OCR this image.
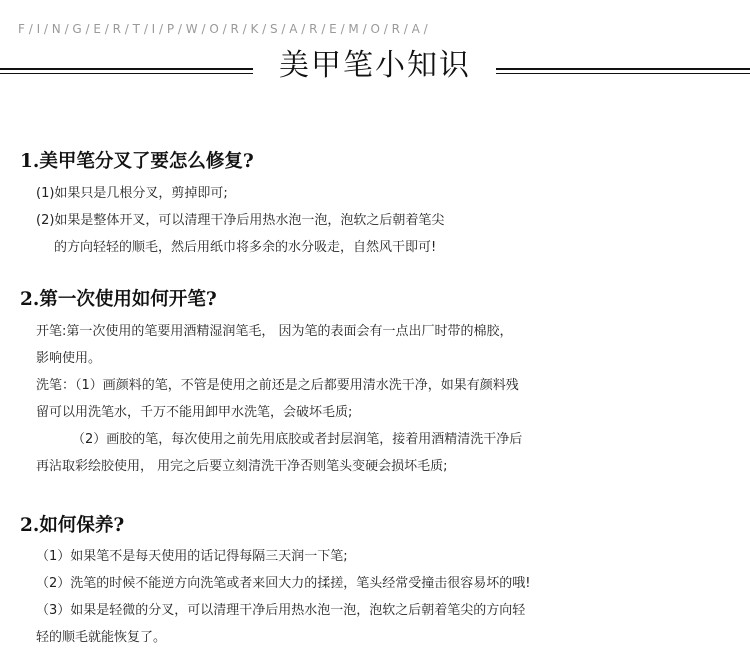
F / I / N / G / E / R / T / I / P / W / O / R / K / S / A / R / E / M / O / R / A /
美甲笔小知识
1.美甲笔分叉了要怎么修复?
(1)如果只是几根分叉，剪掉即可;
(2)如果是整体开叉，可以清理干净后用热水泡一泡，泡软之后朝着笔尖
的方向轻轻的顺毛，然后用纸巾将多余的水分吸走，自然风干即可!
2.第一次使用如何开笔?
开笔:第一次使用的笔要用酒精湿润笔毛， 因为笔的表面会有一点出厂时带的棉胶，
影响使用。
洗笔：（1）画颜料的笔，不管是使用之前还是之后都要用清水洗干净，如果有颜料残
留可以用洗笔水，千万不能用卸甲水洗笔，会破坏毛质;
（2）画胶的笔，每次使用之前先用底胶或者封层润笔，接着用酒精清洗干净后
再沾取彩绘胶使用， 用完之后要立刻清洗干净否则笔头变硬会损坏毛质;
2.如何保养?
（1）如果笔不是每天使用的话记得每隔三天润一下笔;
（2）洗笔的时候不能逆方向洗笔或者来回大力的揉搓，笔头经常受撞击很容易坏的哦!
（3）如果是轻微的分叉，可以清理干净后用热水泡一泡，泡软之后朝着笔尖的方向轻
轻的顺毛就能恢复了。
